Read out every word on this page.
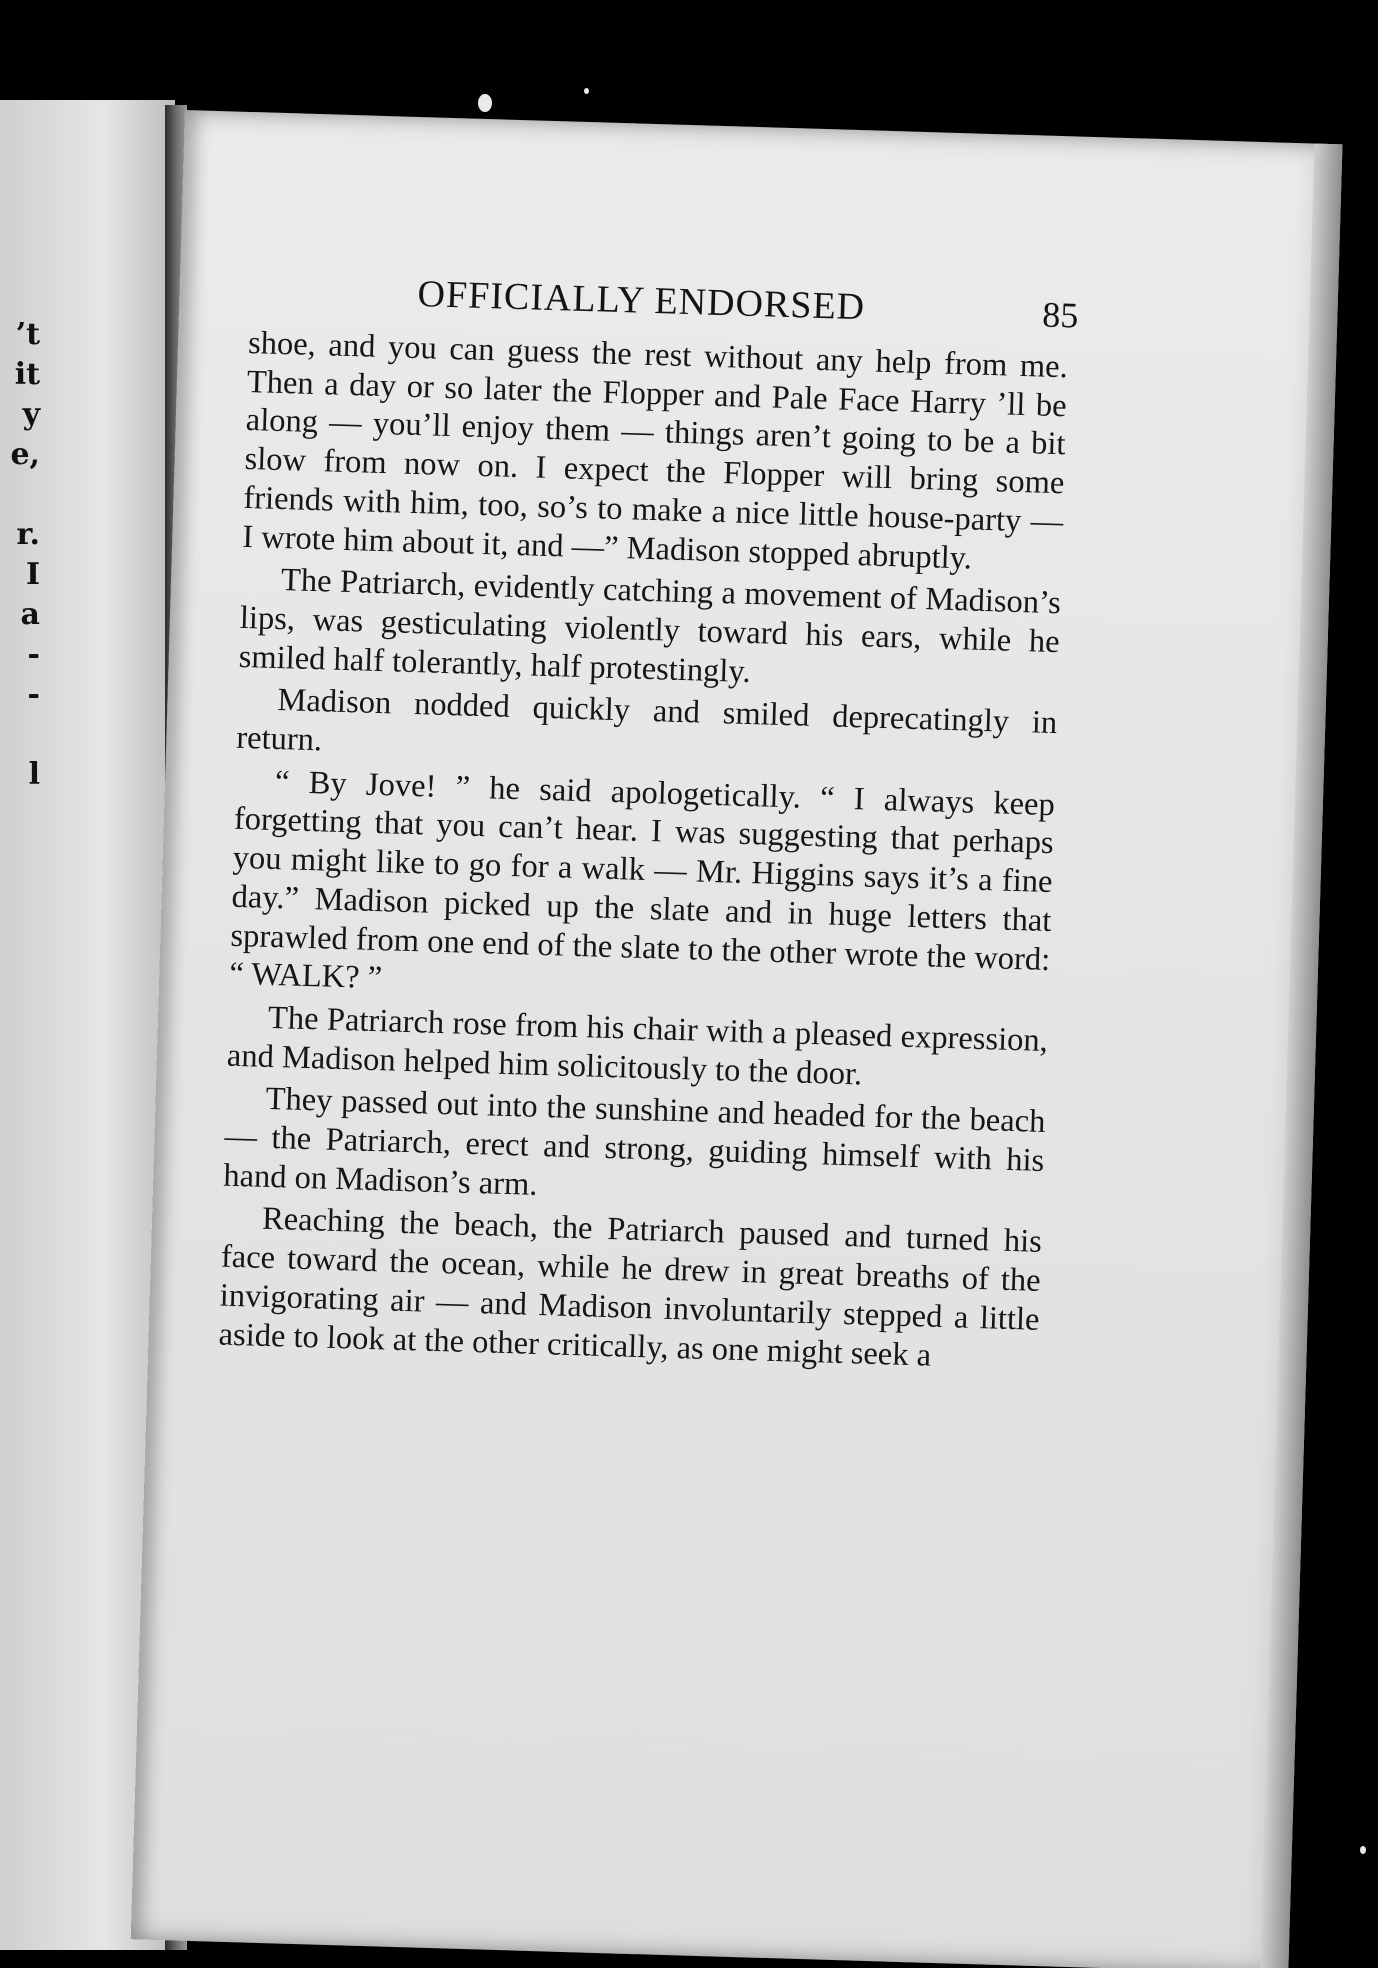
’t
it
y
e,

r.
I
a
-
-

l
OFFICIALLY ENDORSED	85

shoe, and you can guess the rest without any help from me. Then a day or so later the Flopper and Pale Face Harry ’ll be along — you’ll enjoy them — things aren’t going to be a bit slow from now on. I expect the Flopper will bring some friends with him, too, so’s to make a nice little house-party — I wrote him about it, and —” Madison stopped abruptly.

The Patriarch, evidently catching a movement of Madison’s lips, was gesticulating violently toward his ears, while he smiled half tolerantly, half protestingly.

Madison nodded quickly and smiled deprecatingly in return.

“ By Jove! ” he said apologetically. “ I always keep forgetting that you can’t hear. I was suggesting that perhaps you might like to go for a walk — Mr. Higgins says it’s a fine day.” Madison picked up the slate and in huge letters that sprawled from one end of the slate to the other wrote the word: “ WALK? ”

The Patriarch rose from his chair with a pleased expression, and Madison helped him solicitously to the door.

They passed out into the sunshine and headed for the beach — the Patriarch, erect and strong, guiding himself with his hand on Madison’s arm.

Reaching the beach, the Patriarch paused and turned his face toward the ocean, while he drew in great breaths of the invigorating air — and Madison involuntarily stepped a little aside to look at the other critically, as one might seek a
